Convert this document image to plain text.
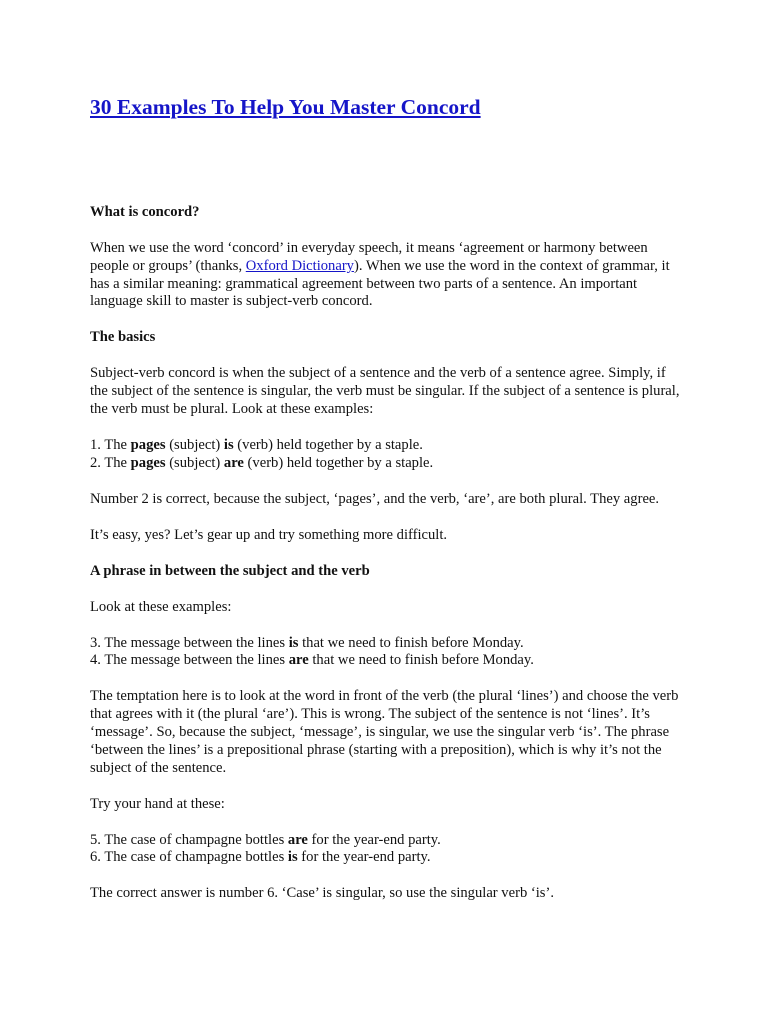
30 Examples To Help You Master Concord
What is concord?

When we use the word ‘concord’ in everyday speech, it means ‘agreement or harmony between people or groups’ (thanks, Oxford Dictionary). When we use the word in the context of grammar, it has a similar meaning: grammatical agreement between two parts of a sentence. An important language skill to master is subject-verb concord.

The basics

Subject-verb concord is when the subject of a sentence and the verb of a sentence agree. Simply, if the subject of the sentence is singular, the verb must be singular. If the subject of a sentence is plural, the verb must be plural. Look at these examples:

1. The pages (subject) is (verb) held together by a staple.
2. The pages (subject) are (verb) held together by a staple.

Number 2 is correct, because the subject, ‘pages’, and the verb, ‘are’, are both plural. They agree.

It’s easy, yes? Let’s gear up and try something more difficult.

A phrase in between the subject and the verb

Look at these examples:

3. The message between the lines is that we need to finish before Monday.
4. The message between the lines are that we need to finish before Monday.

The temptation here is to look at the word in front of the verb (the plural ‘lines’) and choose the verb that agrees with it (the plural ‘are’). This is wrong. The subject of the sentence is not ‘lines’. It’s ‘message’. So, because the subject, ‘message’, is singular, we use the singular verb ‘is’. The phrase ‘between the lines’ is a prepositional phrase (starting with a preposition), which is why it’s not the subject of the sentence.

Try your hand at these:

5. The case of champagne bottles are for the year-end party.
6. The case of champagne bottles is for the year-end party.

The correct answer is number 6. ‘Case’ is singular, so use the singular verb ‘is’.
